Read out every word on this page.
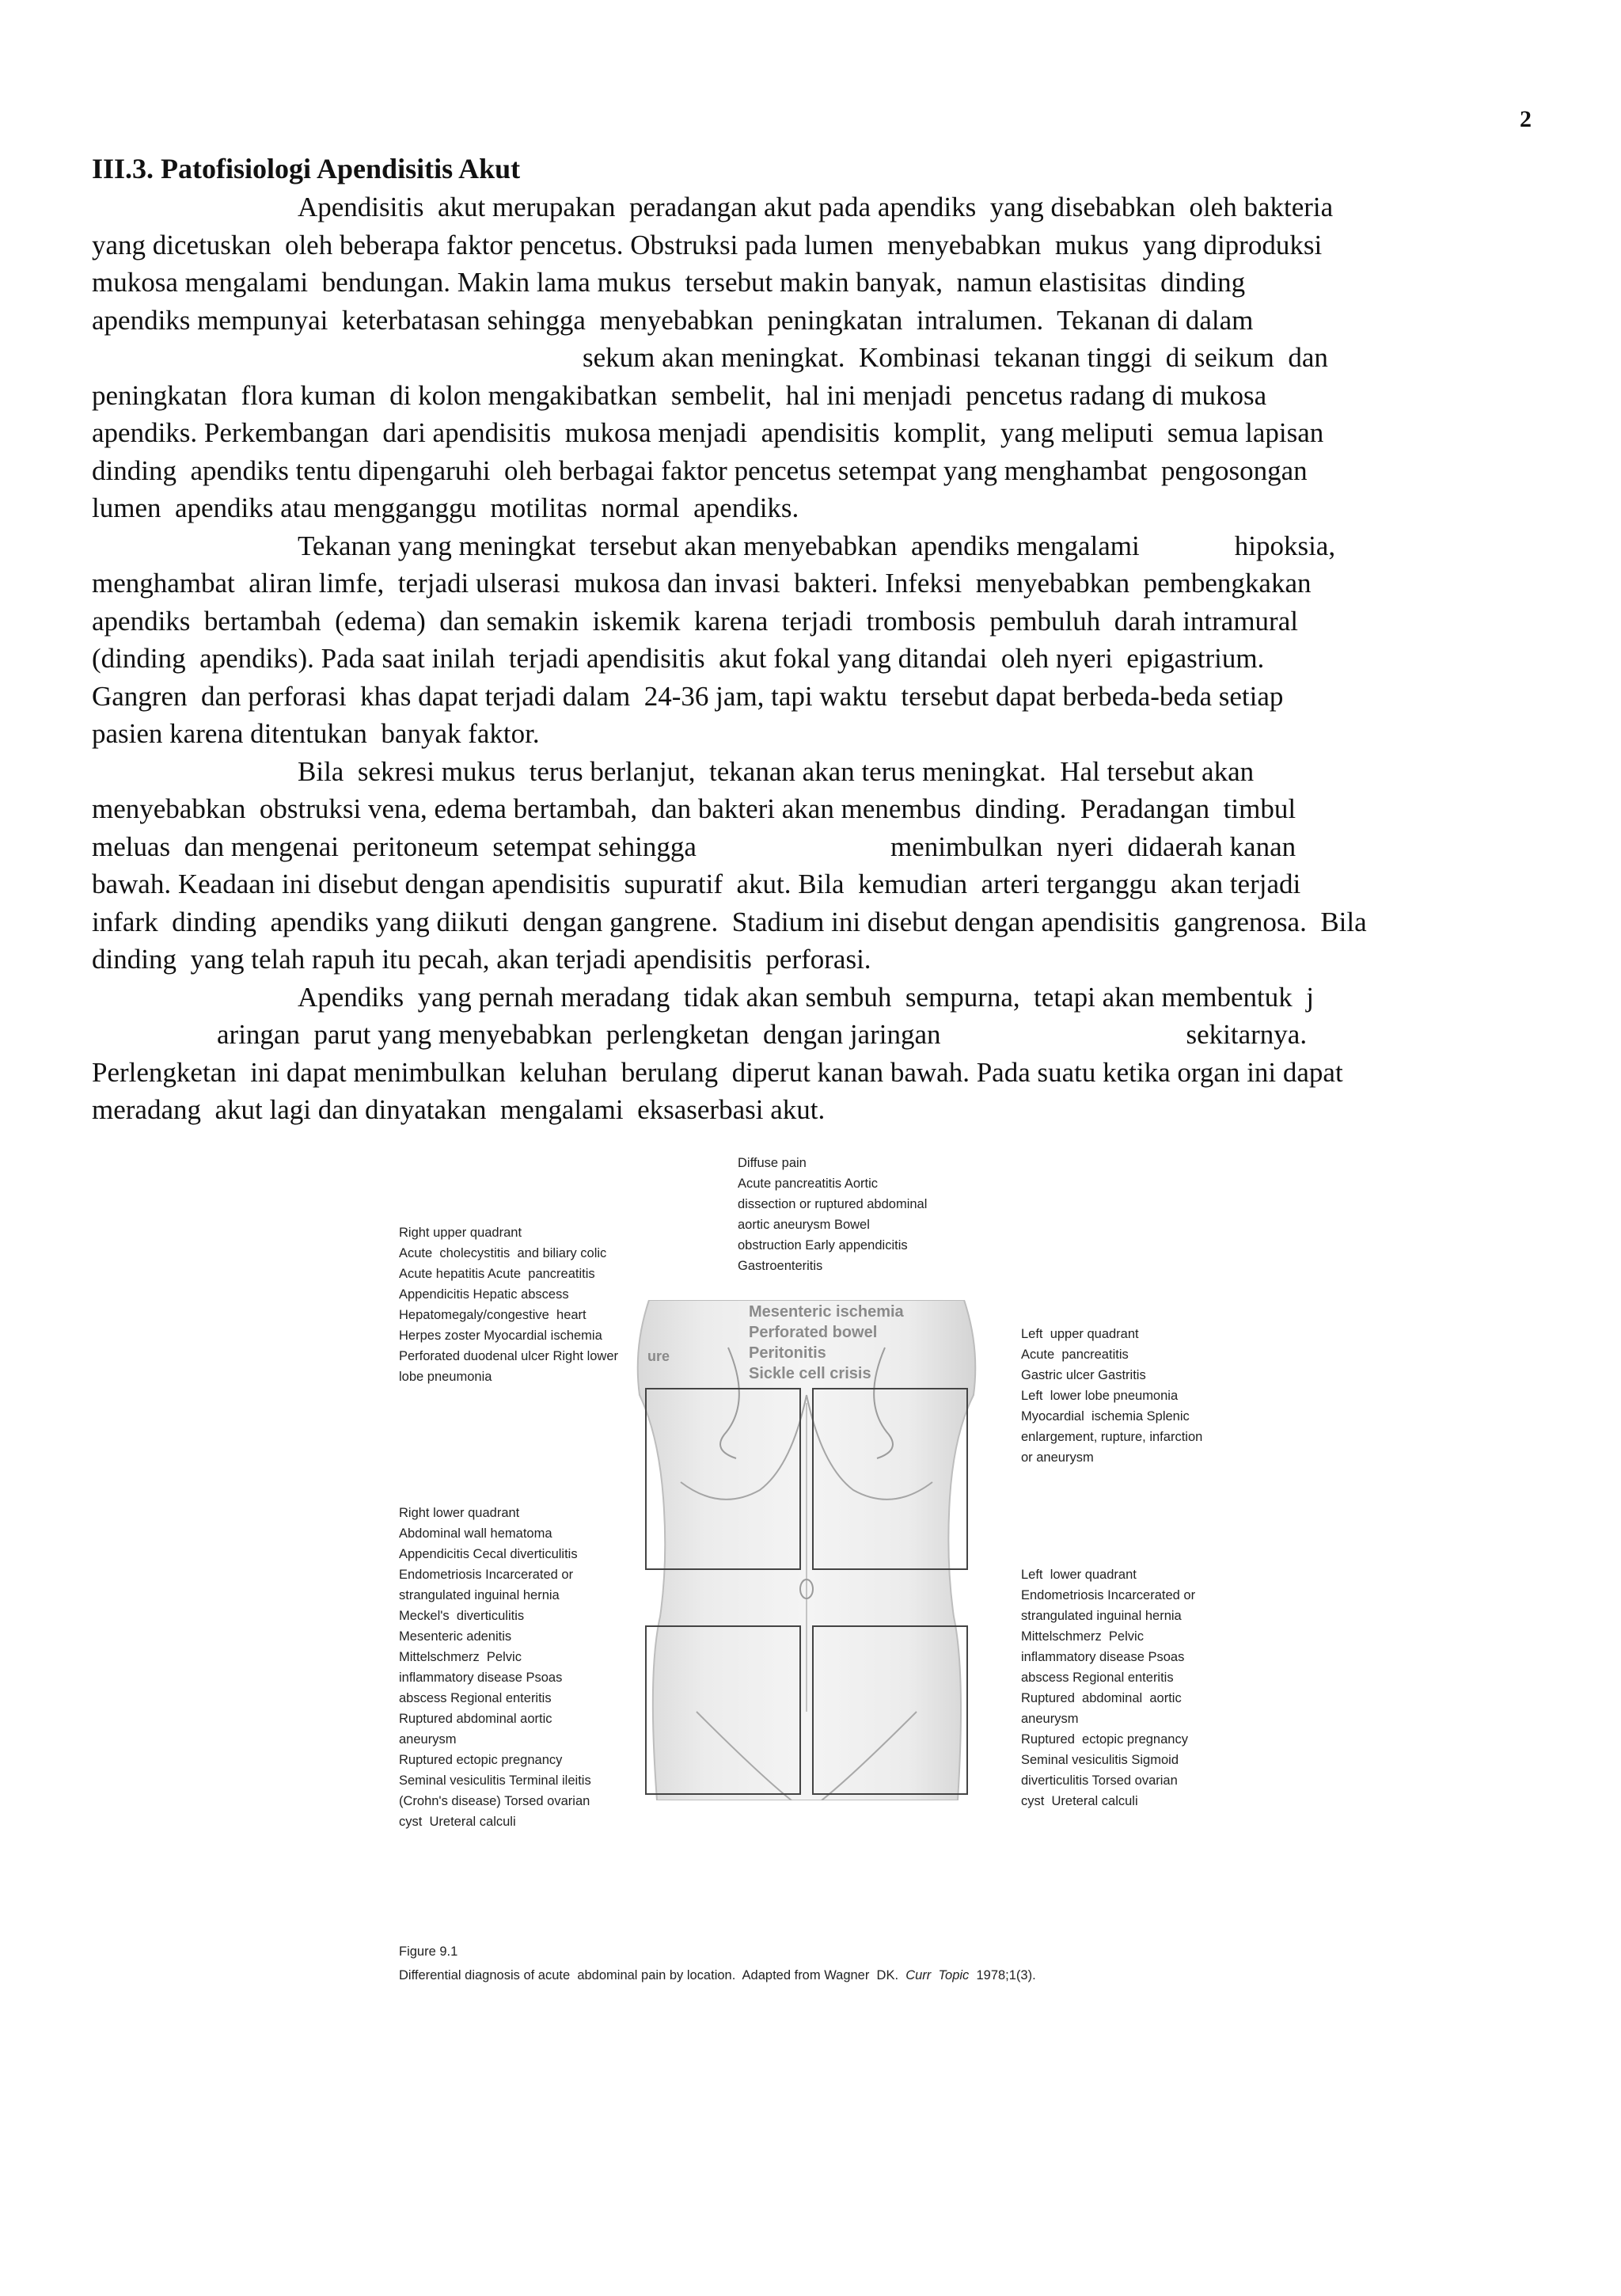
2
III.3. Patofisiologi Apendisitis Akut
Apendisitis  akut merupakan  peradangan akut pada apendiks  yang disebabkan  oleh bakteria
yang dicetuskan  oleh beberapa faktor pencetus. Obstruksi pada lumen  menyebabkan  mukus  yang diproduksi
mukosa mengalami  bendungan. Makin lama mukus  tersebut makin banyak,  namun elastisitas  dinding
apendiks mempunyai  keterbatasan sehingga  menyebabkan  peningkatan  intralumen.  Tekanan di dalam
sekum akan meningkat.  Kombinasi  tekanan tinggi  di seikum  dan
peningkatan  flora kuman  di kolon mengakibatkan  sembelit,  hal ini menjadi  pencetus radang di mukosa
apendiks. Perkembangan  dari apendisitis  mukosa menjadi  apendisitis  komplit,  yang meliputi  semua lapisan
dinding  apendiks tentu dipengaruhi  oleh berbagai faktor pencetus setempat yang menghambat  pengosongan
lumen  apendiks atau mengganggu  motilitas  normal  apendiks.
Tekanan yang meningkat  tersebut akan menyebabkan  apendiks mengalami	hipoksia,
menghambat  aliran limfe,  terjadi ulserasi  mukosa dan invasi  bakteri. Infeksi  menyebabkan  pembengkakan
apendiks  bertambah  (edema)  dan semakin  iskemik  karena  terjadi  trombosis  pembuluh  darah intramural
(dinding  apendiks). Pada saat inilah  terjadi apendisitis  akut fokal yang ditandai  oleh nyeri  epigastrium.
Gangren  dan perforasi  khas dapat terjadi dalam  24-36 jam, tapi waktu  tersebut dapat berbeda-beda setiap
pasien karena ditentukan  banyak faktor.
Bila  sekresi mukus  terus berlanjut,  tekanan akan terus meningkat.  Hal tersebut akan
menyebabkan  obstruksi vena, edema bertambah,  dan bakteri akan menembus  dinding.  Peradangan  timbul
meluas  dan mengenai  peritoneum  setempat sehingga	menimbulkan  nyeri  didaerah kanan
bawah. Keadaan ini disebut dengan apendisitis  supuratif  akut. Bila  kemudian  arteri terganggu  akan terjadi
infark  dinding  apendiks yang diikuti  dengan gangrene.  Stadium ini disebut dengan apendisitis  gangrenosa.  Bila
dinding  yang telah rapuh itu pecah, akan terjadi apendisitis  perforasi.
Apendiks  yang pernah meradang  tidak akan sembuh  sempurna,  tetapi akan membentuk  j
aringan  parut yang menyebabkan  perlengketan  dengan jaringan	sekitarnya.
Perlengketan  ini dapat menimbulkan  keluhan  berulang  diperut kanan bawah. Pada suatu ketika organ ini dapat
meradang  akut lagi dan dinyatakan  mengalami  eksaserbasi akut.
Diffuse pain
Acute pancreatitis Aortic
dissection or ruptured abdominal
aortic aneurysm Bowel
obstruction Early appendicitis
Gastroenteritis
Right upper quadrant
Acute  cholecystitis  and biliary colic
Acute hepatitis Acute  pancreatitis
Appendicitis Hepatic abscess
Hepatomegaly/congestive  heart
Herpes zoster Myocardial ischemia
Perforated duodenal ulcer Right lower
lobe pneumonia
Left  upper quadrant
Acute  pancreatitis
Gastric ulcer Gastritis
Left  lower lobe pneumonia
Myocardial  ischemia Splenic
enlargement, rupture, infarction
or aneurysm
Right lower quadrant
Abdominal wall hematoma
Appendicitis Cecal diverticulitis
Endometriosis Incarcerated or
strangulated inguinal hernia
Meckel's  diverticulitis
Mesenteric adenitis
Mittelschmerz  Pelvic
inflammatory disease Psoas
abscess Regional enteritis
Ruptured abdominal aortic
aneurysm
Ruptured ectopic pregnancy
Seminal vesiculitis Terminal ileitis
(Crohn's disease) Torsed ovarian
cyst  Ureteral calculi
Left  lower quadrant
Endometriosis Incarcerated or
strangulated inguinal hernia
Mittelschmerz  Pelvic
inflammatory disease Psoas
abscess Regional enteritis
Ruptured  abdominal  aortic
aneurysm
Ruptured  ectopic pregnancy
Seminal vesiculitis Sigmoid
diverticulitis Torsed ovarian
cyst  Ureteral calculi
Mesenteric ischemia
Perforated bowel
Peritonitis
Sickle cell crisis
ure
Figure 9.1
Differential diagnosis of acute  abdominal pain by location.  Adapted from Wagner  DK.  Curr  Topic  1978;1(3).
